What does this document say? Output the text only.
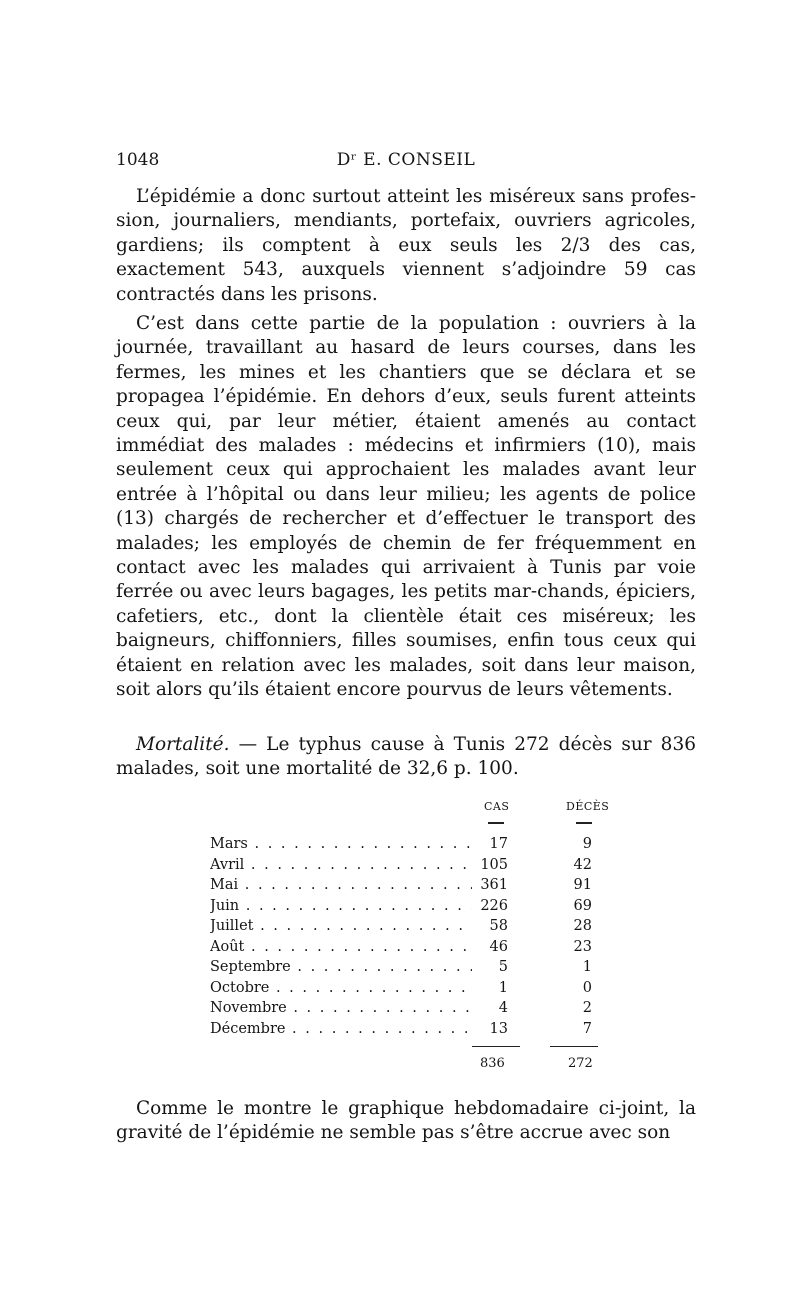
1048	Dʳ E. CONSEIL

L’épidémie a donc surtout atteint les miséreux sans profes-sion, journaliers, mendiants, portefaix, ouvriers agricoles, gardiens; ils comptent à eux seuls les 2/3 des cas, exactement 543, auxquels viennent s’adjoindre 59 cas contractés dans les prisons.

C’est dans cette partie de la population : ouvriers à la journée, travaillant au hasard de leurs courses, dans les fermes, les mines et les chantiers que se déclara et se propagea l’épidémie. En dehors d’eux, seuls furent atteints ceux qui, par leur métier, étaient amenés au contact immédiat des malades : médecins et infirmiers (10), mais seulement ceux qui approchaient les malades avant leur entrée à l’hôpital ou dans leur milieu; les agents de police (13) chargés de rechercher et d’effectuer le transport des malades; les employés de chemin de fer fréquemment en contact avec les malades qui arrivaient à Tunis par voie ferrée ou avec leurs bagages, les petits mar-chands, épiciers, cafetiers, etc., dont la clientèle était ces miséreux; les baigneurs, chiffonniers, filles soumises, enfin tous ceux qui étaient en relation avec les malades, soit dans leur maison, soit alors qu’ils étaient encore pourvus de leurs vêtements.

Mortalité. — Le typhus cause à Tunis 272 décès sur 836 malades, soit une mortalité de 32,6 p. 100.

CAS	DÉCÈS
Mars . . .	17	9
Avril . . .	105	42
Mai . . .	361	91
Juin . . .	226	69
Juillet . . .	58	28
Août . . .	46	23
Septembre . . .	5	1
Octobre . . .	1	0
Novembre . . .	4	2
Décembre . . .	13	7
836	272

Comme le montre le graphique hebdomadaire ci-joint, la gravité de l’épidémie ne semble pas s’être accrue avec son
